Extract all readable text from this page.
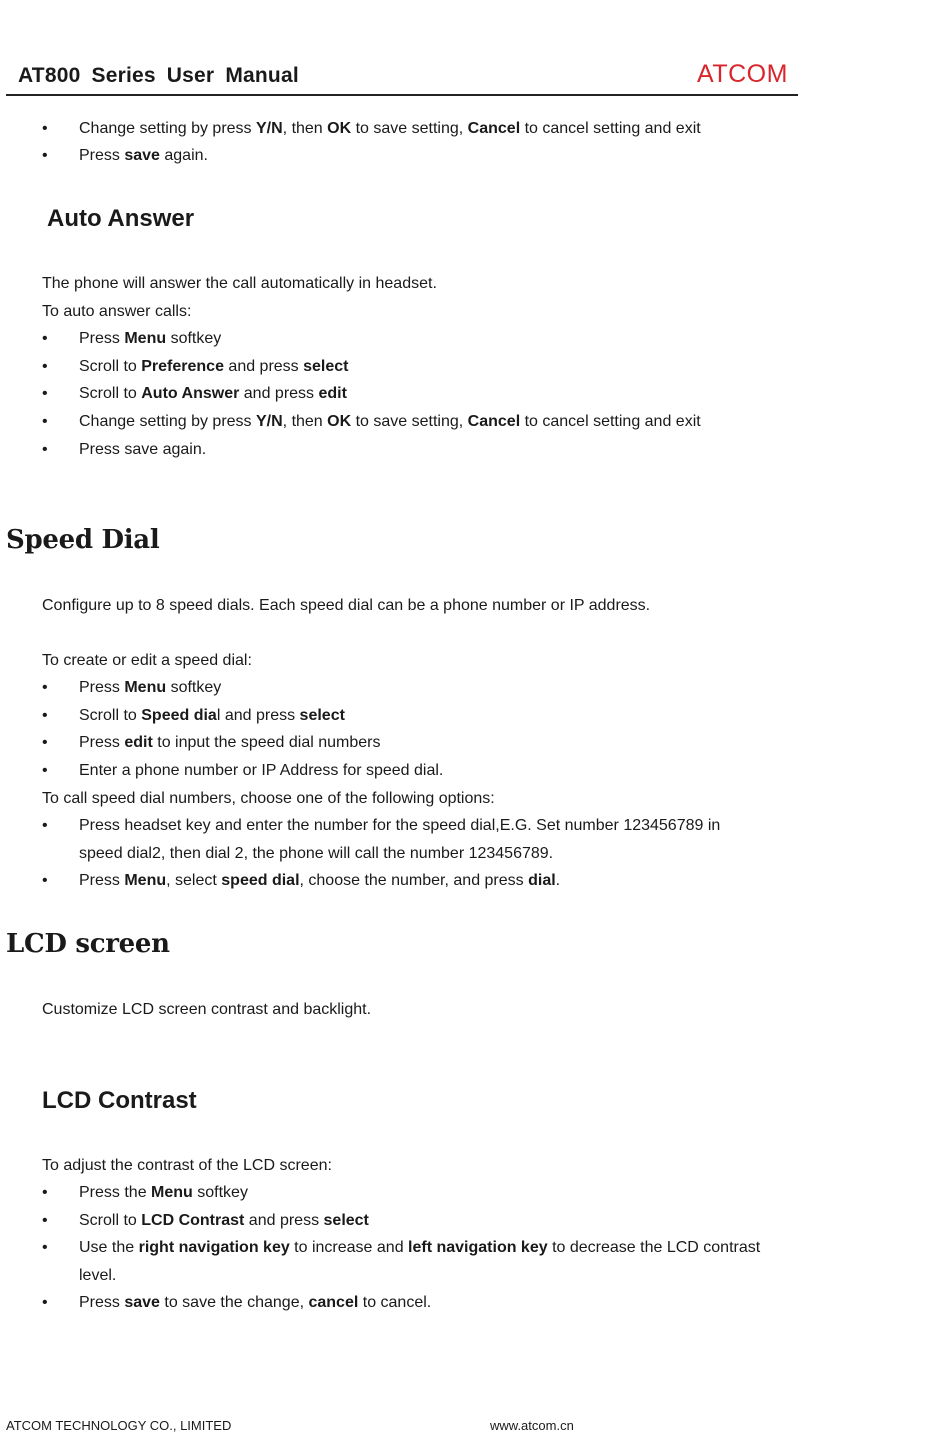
AT800 Series User Manual	ATCOM
• Change setting by press Y/N, then OK to save setting, Cancel to cancel setting and exit
• Press save again.
Auto Answer
The phone will answer the call automatically in headset.
To auto answer calls:
• Press Menu softkey
• Scroll to Preference and press select
• Scroll to Auto Answer and press edit
• Change setting by press Y/N, then OK to save setting, Cancel to cancel setting and exit
• Press save again.
Speed Dial
Configure up to 8 speed dials. Each speed dial can be a phone number or IP address.
To create or edit a speed dial:
• Press Menu softkey
• Scroll to Speed dial and press select
• Press edit to input the speed dial numbers
• Enter a phone number or IP Address for speed dial.
To call speed dial numbers, choose one of the following options:
• Press headset key and enter the number for the speed dial,E.G. Set number 123456789 in
speed dial2, then dial 2, the phone will call the number 123456789.
• Press Menu, select speed dial, choose the number, and press dial.
LCD screen
Customize LCD screen contrast and backlight.
LCD Contrast
To adjust the contrast of the LCD screen:
• Press the Menu softkey
• Scroll to LCD Contrast and press select
• Use the right navigation key to increase and left navigation key to decrease the LCD contrast
level.
• Press save to save the change, cancel to cancel.
ATCOM TECHNOLOGY CO., LIMITED	www.atcom.cn
